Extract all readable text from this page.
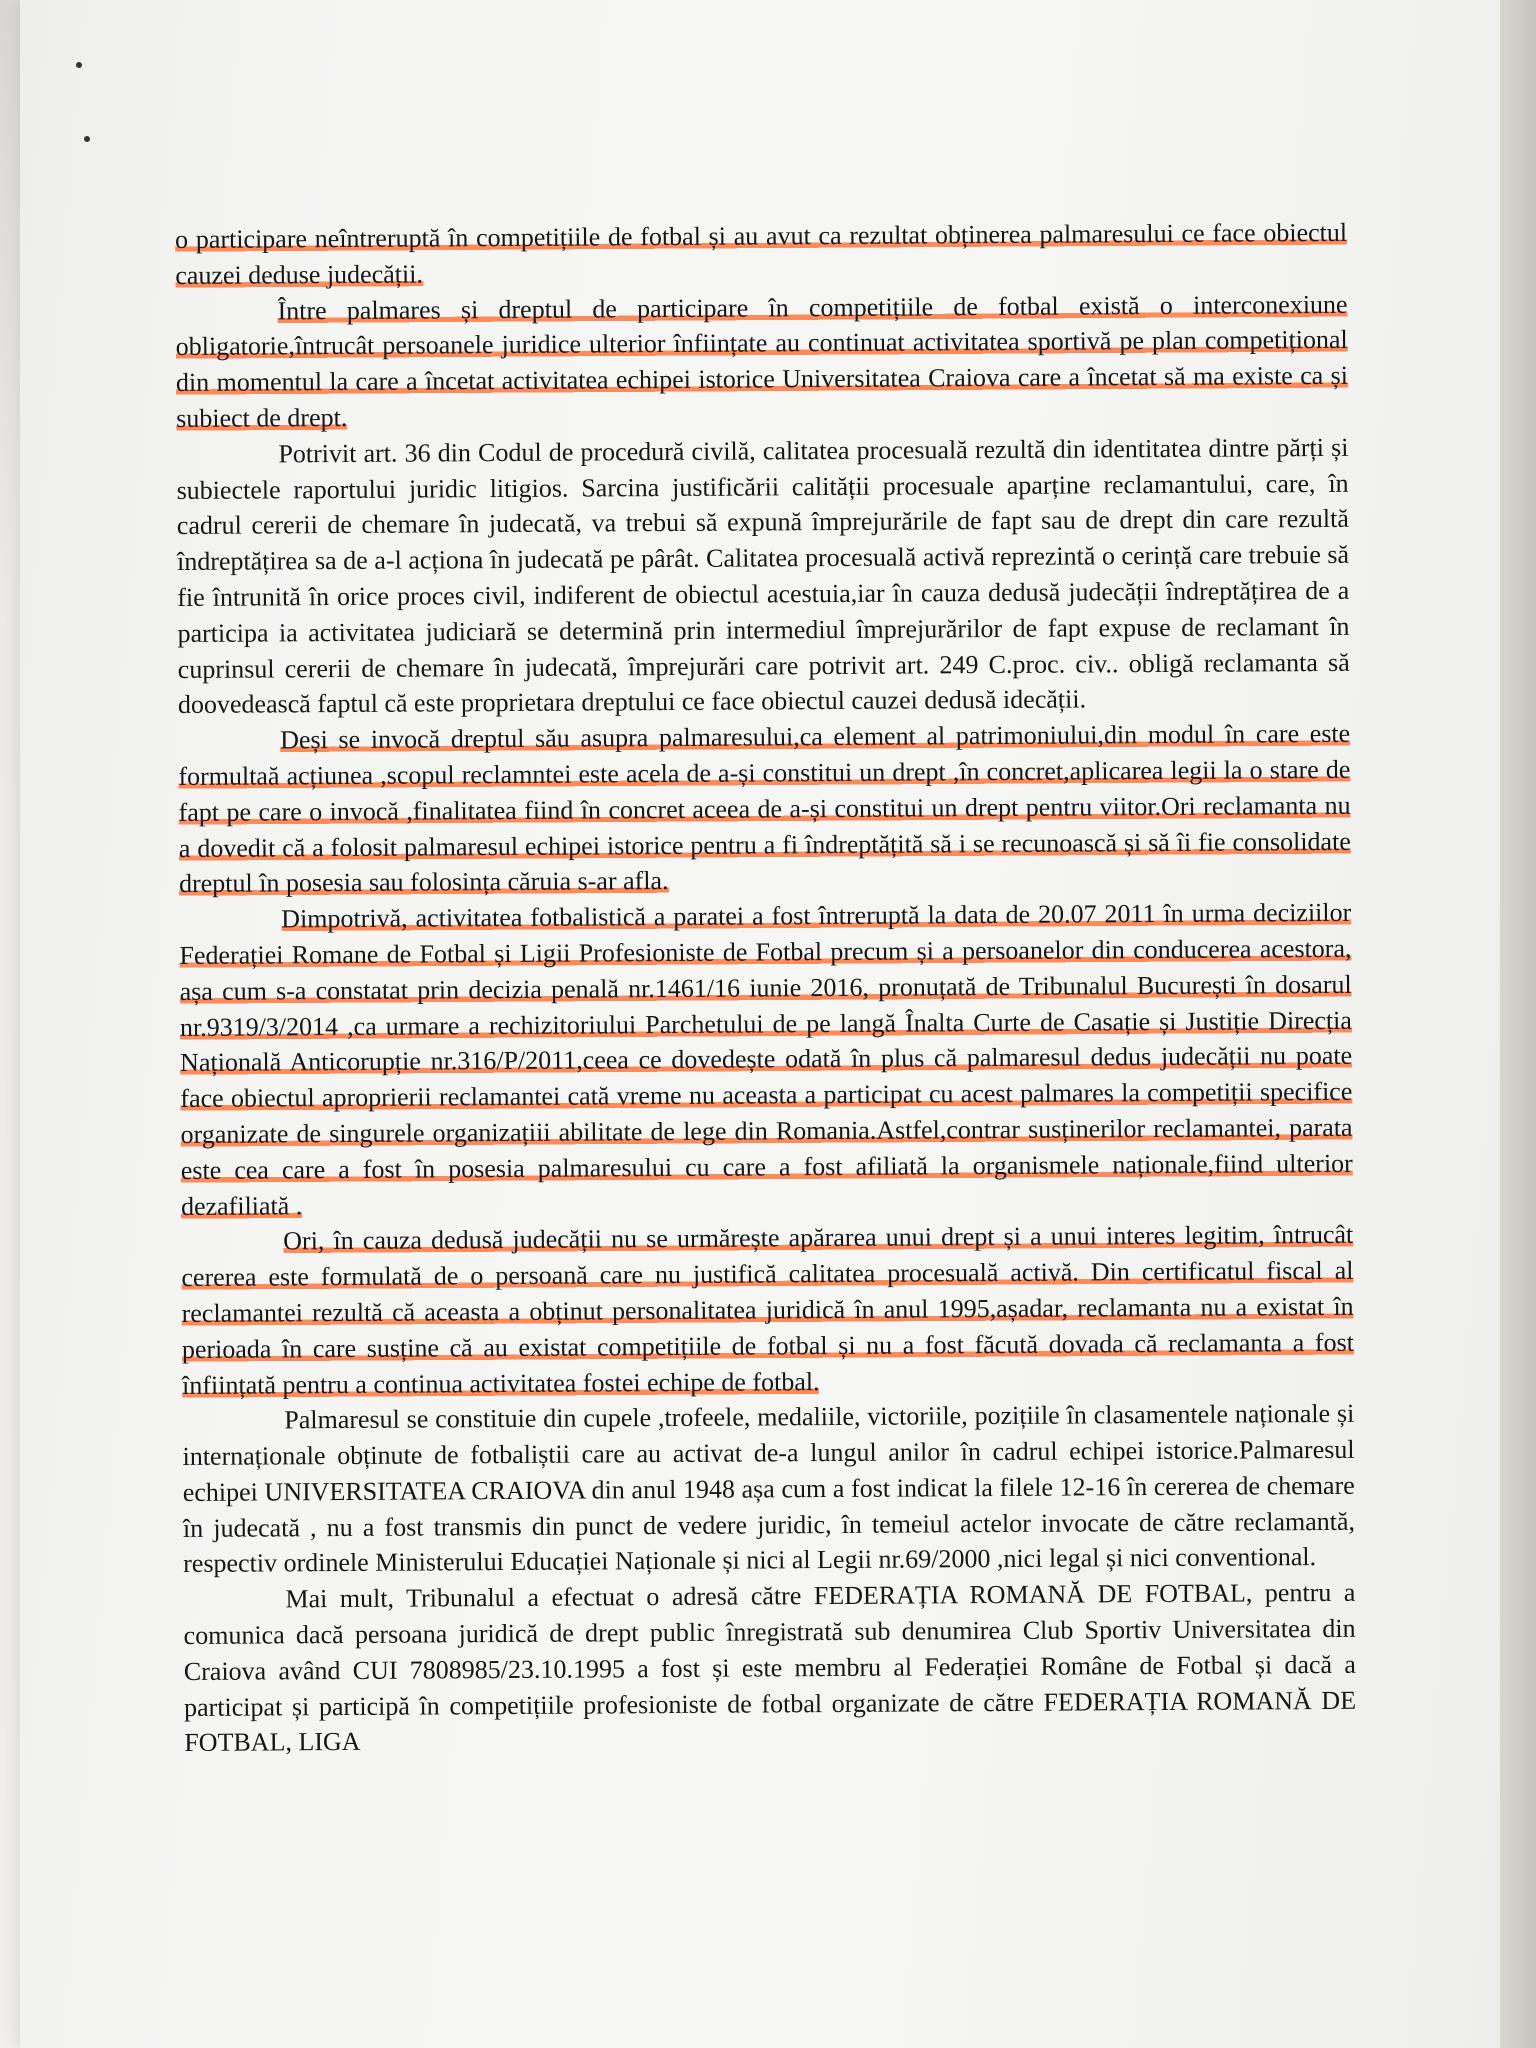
o participare neîntreruptă în competițiile de fotbal și au avut ca rezultat obținerea palmaresului ce face obiectul cauzei deduse judecății.

Între palmares și dreptul de participare în competițiile de fotbal există o interconexiune obligatorie,întrucât persoanele juridice ulterior înființate au continuat activitatea sportivă pe plan competițional din momentul la care a încetat activitatea echipei istorice Universitatea Craiova care a încetat să ma existe ca și subiect de drept.

Potrivit art. 36 din Codul de procedură civilă, calitatea procesuală rezultă din identitatea dintre părți și subiectele raportului juridic litigios. Sarcina justificării calității procesuale aparține reclamantului, care, în cadrul cererii de chemare în judecată, va trebui să expună împrejurările de fapt sau de drept din care rezultă îndreptățirea sa de a-l acționa în judecată pe pârât. Calitatea procesuală activă reprezintă o cerință care trebuie să fie întrunită în orice proces civil, indiferent de obiectul acestuia,iar în cauza dedusă judecății îndreptățirea de a participa ia activitatea judiciară se determină prin intermediul împrejurărilor de fapt expuse de reclamant în cuprinsul cererii de chemare în judecată, împrejurări care potrivit art. 249 C.proc. civ.. obligă reclamanta să doovedească faptul că este proprietara dreptului ce face obiectul cauzei dedusă idecății.

Deși se invocă dreptul său asupra palmaresului,ca element al patrimoniului,din modul în care este formultaă acțiunea ,scopul reclamntei este acela de a-și constitui un drept ,în concret,aplicarea legii la o stare de fapt pe care o invocă ,finalitatea fiind în concret aceea de a-și constitui un drept pentru viitor.Ori reclamanta nu a dovedit că a folosit palmaresul echipei istorice pentru a fi îndreptățită să i se recunoască și să îi fie consolidate dreptul în posesia sau folosința căruia s-ar afla.

Dimpotrivă, activitatea fotbalistică a paratei a fost întreruptă la data de 20.07 2011 în urma deciziilor Federației Romane de Fotbal și Ligii Profesioniste de Fotbal precum și a persoanelor din conducerea acestora, așa cum s-a constatat prin decizia penală nr.1461/16 iunie 2016, pronuțată de Tribunalul București în dosarul nr.9319/3/2014 ,ca urmare a rechizitoriului Parchetului de pe langă Înalta Curte de Casație și Justiție Direcția Națională Anticorupție nr.316/P/2011,ceea ce dovedește odată în plus că palmaresul dedus judecății nu poate face obiectul aproprierii reclamantei cată vreme nu aceasta a participat cu acest palmares la competiții specifice organizate de singurele organizațiii abilitate de lege din Romania.Astfel,contrar susținerilor reclamantei, parata este cea care a fost în posesia palmaresului cu care a fost afiliată la organismele naționale,fiind ulterior dezafiliată .

Ori, în cauza dedusă judecății nu se urmărește apărarea unui drept și a unui interes legitim, întrucât cererea este formulată de o persoană care nu justifică calitatea procesuală activă. Din certificatul fiscal al reclamantei rezultă că aceasta a obținut personalitatea juridică în anul 1995,așadar, reclamanta nu a existat în perioada în care susține că au existat competițiile de fotbal și nu a fost făcută dovada că reclamanta a fost înființată pentru a continua activitatea fostei echipe de fotbal.

Palmaresul se constituie din cupele ,trofeele, medaliile, victoriile, pozițiile în clasamentele naționale și internaționale obținute de fotbaliștii care au activat de-a lungul anilor în cadrul echipei istorice.Palmaresul echipei UNIVERSITATEA CRAIOVA din anul 1948 așa cum a fost indicat la filele 12-16 în cererea de chemare în judecată , nu a fost transmis din punct de vedere juridic, în temeiul actelor invocate de către reclamantă, respectiv ordinele Ministerului Educației Naționale și nici al Legii nr.69/2000 ,nici legal și nici conventional.

Mai mult, Tribunalul a efectuat o adresă către FEDERAȚIA ROMANĂ DE FOTBAL, pentru a comunica dacă persoana juridică de drept public înregistrată sub denumirea Club Sportiv Universitatea din Craiova având CUI 7808985/23.10.1995 a fost și este membru al Federației Române de Fotbal și dacă a participat și participă în competițiile profesioniste de fotbal organizate de către FEDERAȚIA ROMANĂ DE FOTBAL, LIGA
